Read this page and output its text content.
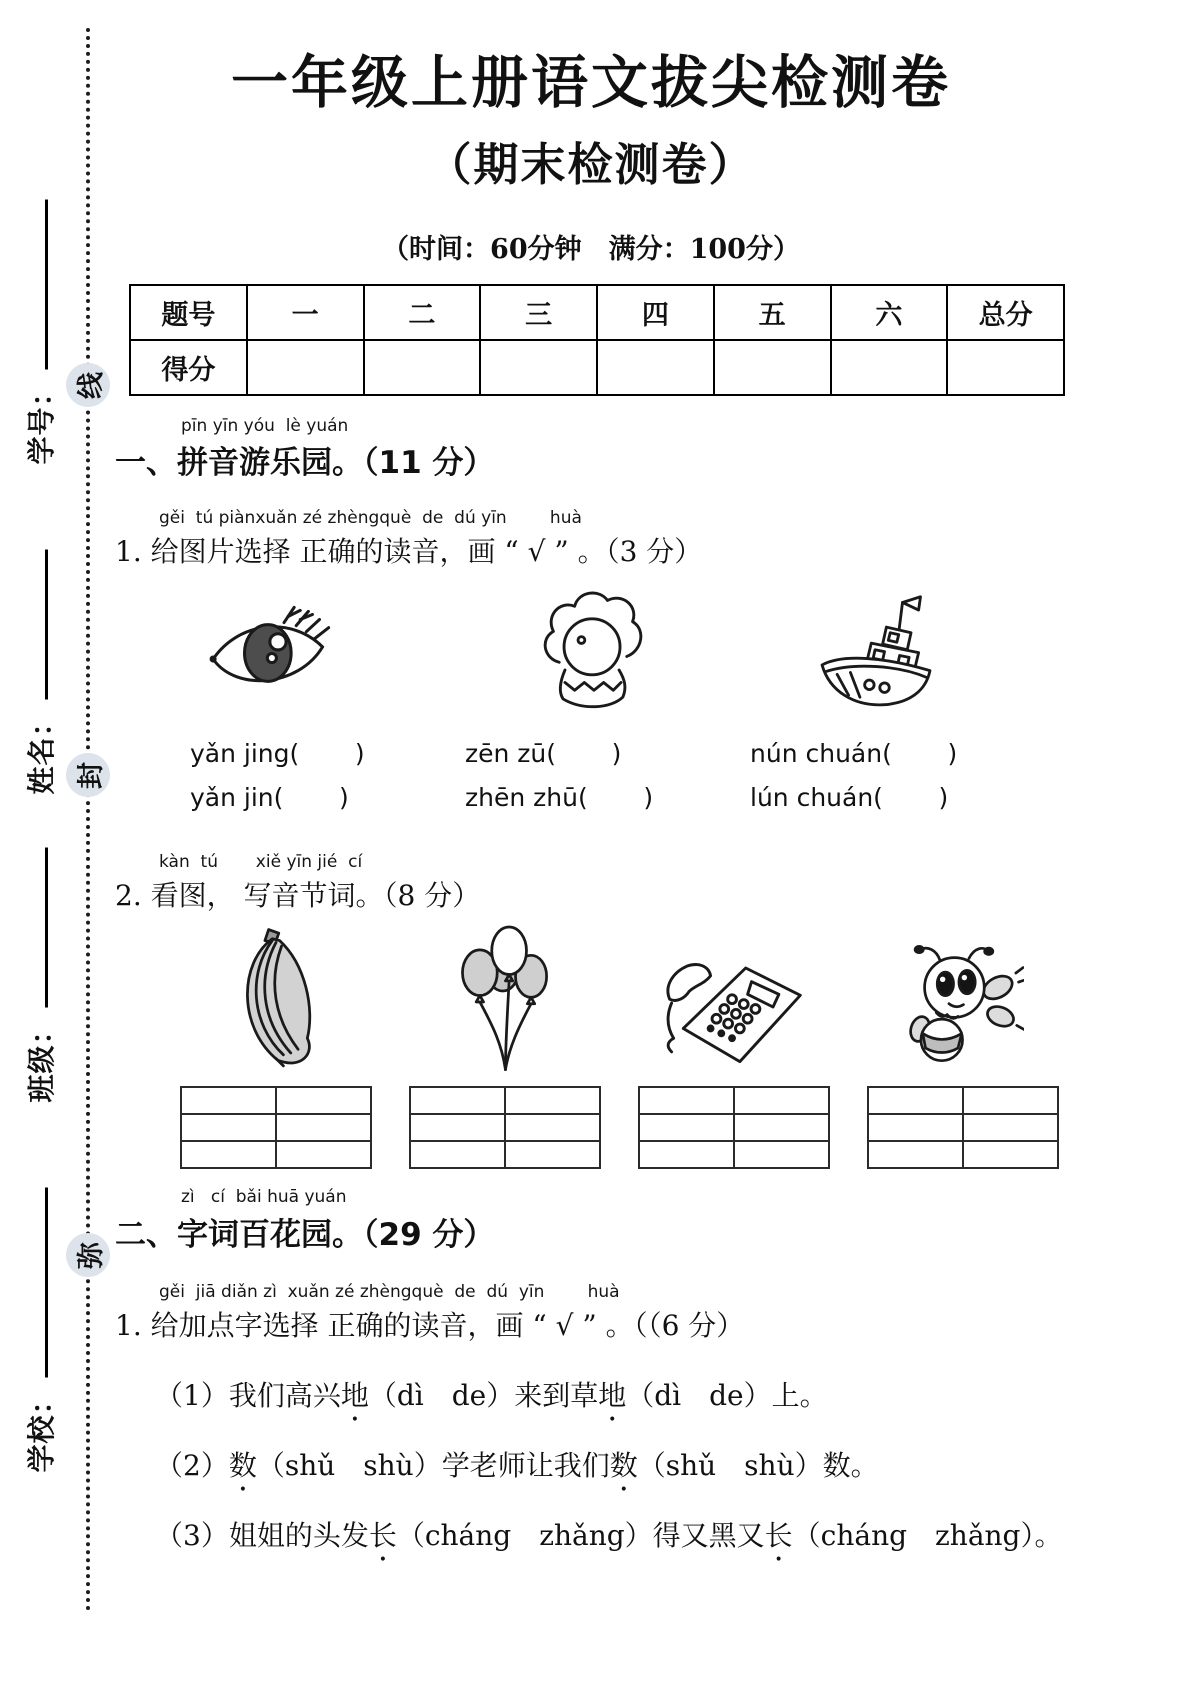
学号：
姓名：
班级：
学校：
线
封
弥
一年级上册语文拔尖检测卷
（期末检测卷）
（时间：60分钟　满分：100分）
题号	一	二	三	四	五	六	总分
得分							
pīn yīn yóu  lè yuán
一、拼音游乐园。（11 分）
gěi  tú piànxuǎn zé zhèngquè  de  dú yīn        huà
1. 给图片选择 正确的读音，画 “ √ ” 。（3 分）
yǎn jing(       )
yǎn jin(       )
zēn zū(       )
zhēn zhū(       )
nún chuán(       )
lún chuán(       )
kàn  tú       xiě yīn jié  cí
2. 看图， 写音节词。（8 分）

zì   cí  bǎi huā yuán
二、字词百花园。（29 分）
gěi  jiā diǎn zì  xuǎn zé zhèngquè  de  dú  yīn        huà
1. 给加点字选择 正确的读音，画 “ √ ” 。（（6 分）
（1）我们高兴地（dì　de）来到草地（dì　de）上。
（2）数（shǔ　shù）学老师让我们数（shǔ　shù）数。
（3）姐姐的头发长（cháng　zhǎng）得又黑又长（cháng　zhǎng）。
